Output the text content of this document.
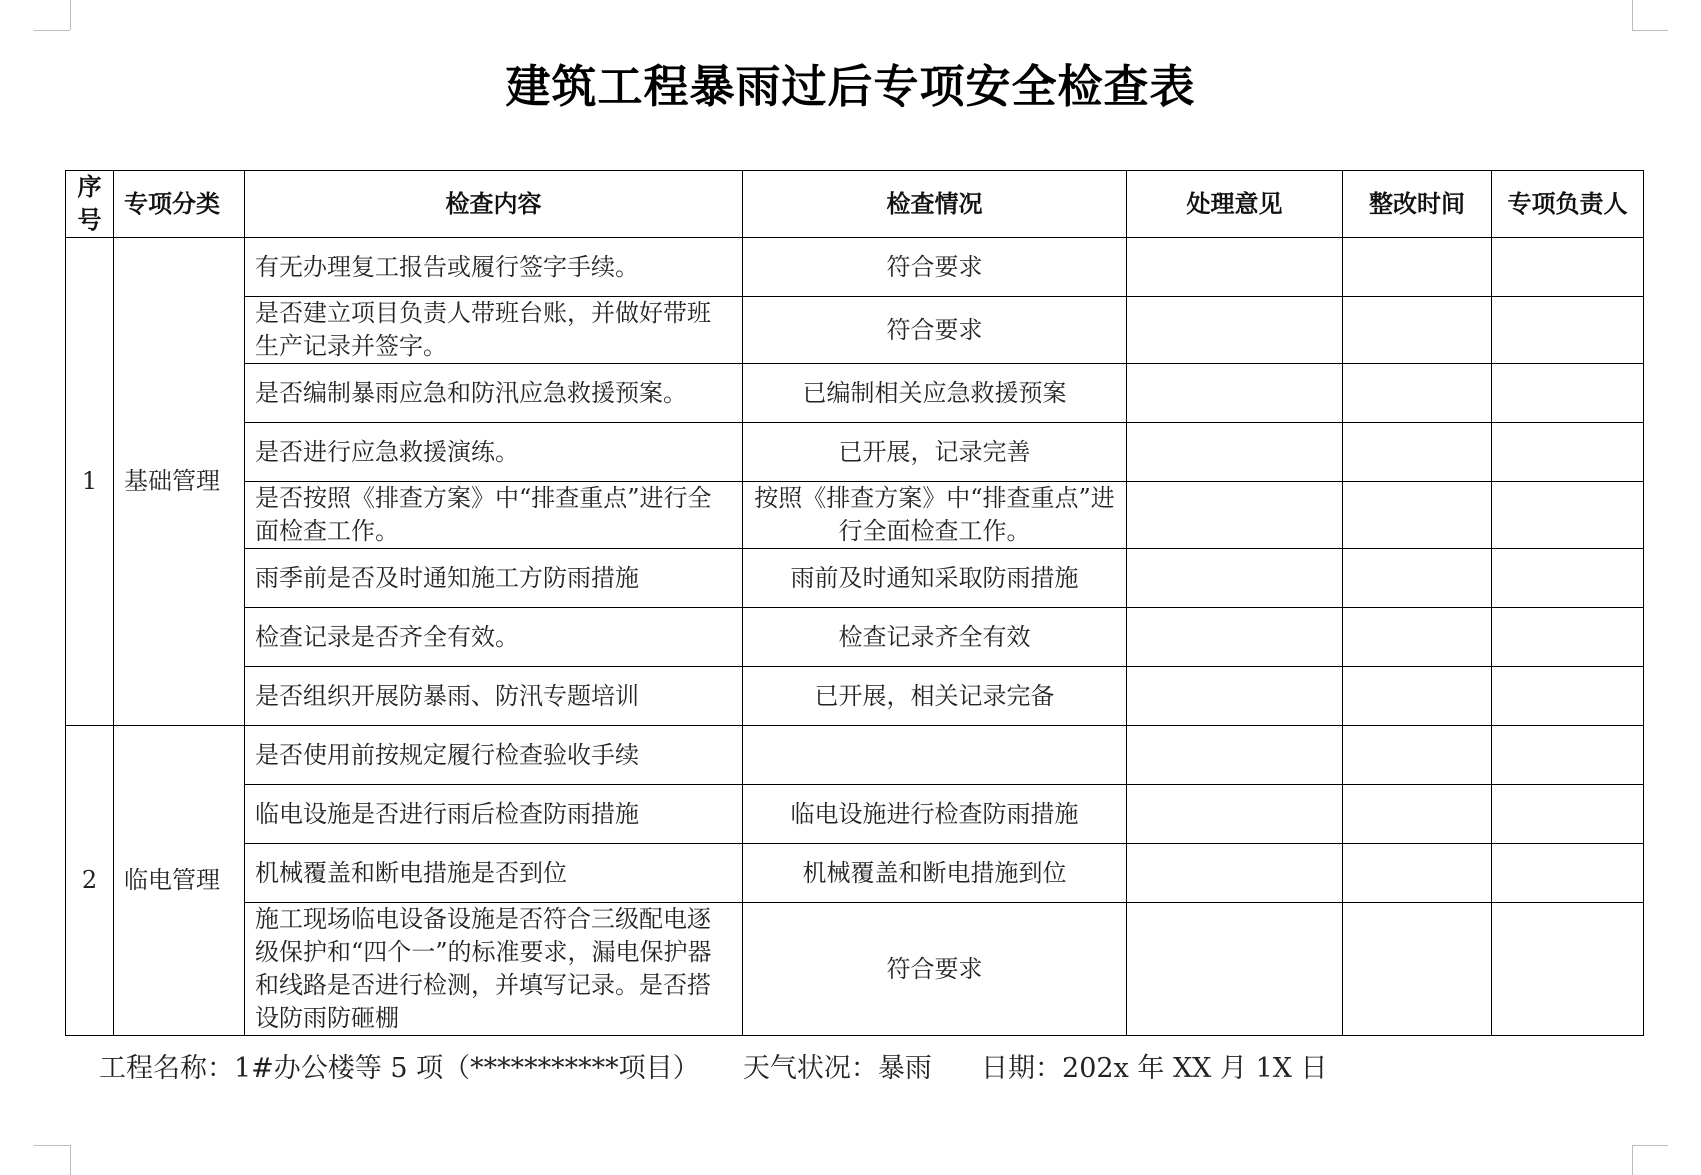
建筑工程暴雨过后专项安全检查表
序号	专项分类	检查内容	检查情况	处理意见	整改时间	专项负责人
1	基础管理	有无办理复工报告或履行签字手续。	符合要求			
		是否建立项目负责人带班台账，并做好带班生产记录并签字。	符合要求			
		是否编制暴雨应急和防汛应急救援预案。	已编制相关应急救援预案			
		是否进行应急救援演练。	已开展，记录完善			
		是否按照《排查方案》中“排查重点”进行全面检查工作。	按照《排查方案》中“排查重点”进行全面检查工作。			
		雨季前是否及时通知施工方防雨措施	雨前及时通知采取防雨措施			
		检查记录是否齐全有效。	检查记录齐全有效			
		是否组织开展防暴雨、防汛专题培训	已开展，相关记录完备			
2	临电管理	是否使用前按规定履行检查验收手续				
		临电设施是否进行雨后检查防雨措施	临电设施进行检查防雨措施			
		机械覆盖和断电措施是否到位	机械覆盖和断电措施到位			
		施工现场临电设备设施是否符合三级配电逐级保护和“四个一”的标准要求，漏电保护器和线路是否进行检测，并填写记录。是否搭设防雨防砸棚	符合要求			
工程名称：1#办公楼等 5 项（***********项目） 天气状况：暴雨 日期：202x 年 XX 月 1X 日
